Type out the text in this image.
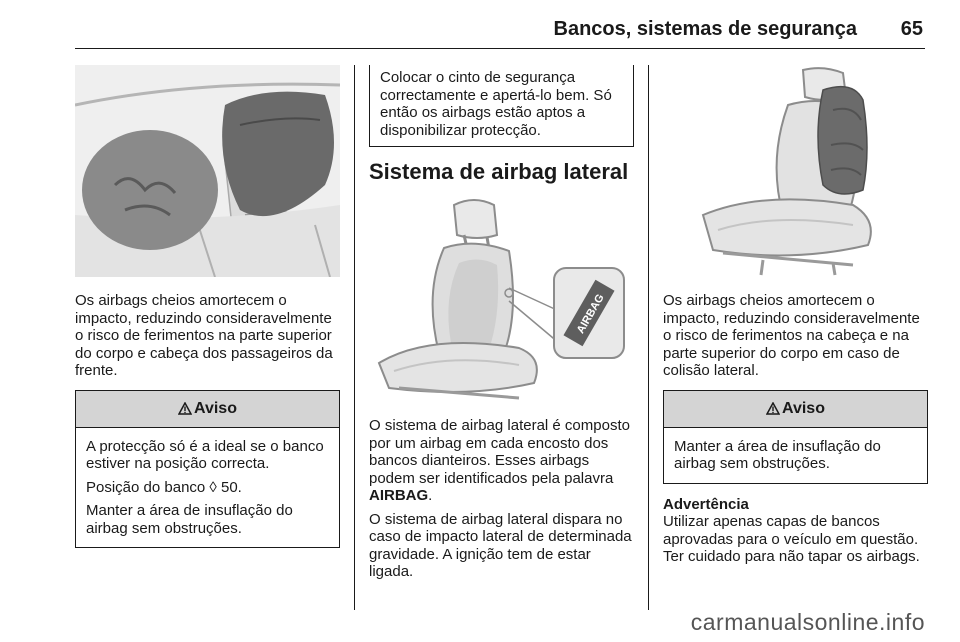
Bancos, sistemas de segurança 65

Os airbags cheios amortecem o impacto, reduzindo consideravelmente o risco de ferimentos na parte superior do corpo e cabeça dos passageiros da frente.

Aviso

A protecção só é a ideal se o banco estiver na posição correcta.

Posição do banco ◊ 50.

Manter a área de insuflação do airbag sem obstruções.

Colocar o cinto de segurança correctamente e apertá-lo bem. Só então os airbags estão aptos a disponibilizar protecção.

Sistema de airbag lateral
AIRBAG

O sistema de airbag lateral é composto por um airbag em cada encosto dos bancos dianteiros. Esses airbags podem ser identificados pela palavra AIRBAG.

O sistema de airbag lateral dispara no caso de impacto lateral de determinada gravidade. A ignição tem de estar ligada.

Os airbags cheios amortecem o impacto, reduzindo consideravelmente o risco de ferimentos na cabeça e na parte superior do corpo em caso de colisão lateral.

Aviso

Manter a área de insuflação do airbag sem obstruções.

Advertência

Utilizar apenas capas de bancos aprovadas para o veículo em questão. Ter cuidado para não tapar os airbags.

carmanualsonline.info
